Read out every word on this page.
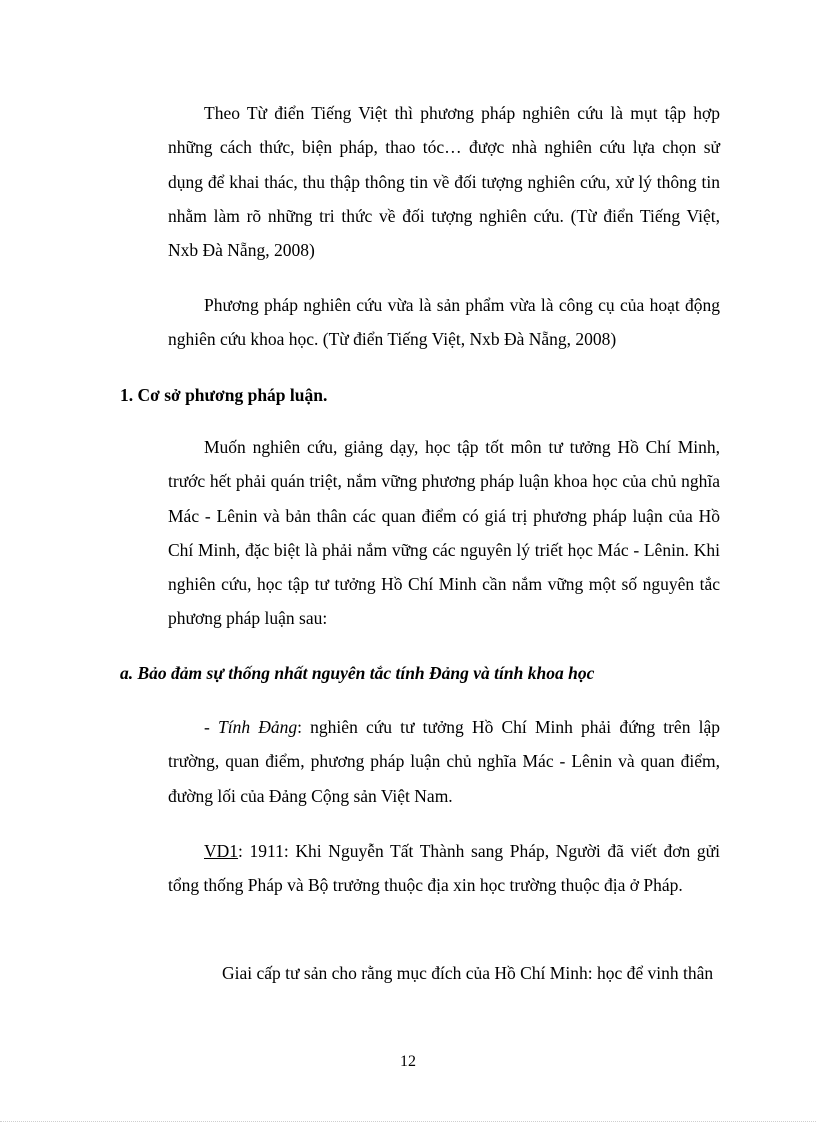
Theo Từ điển Tiếng Việt thì phương pháp nghiên cứu là mụt tập hợp những cách thức, biện pháp, thao tóc… được nhà nghiên cứu lựa chọn sử dụng để khai thác, thu thập thông tin về đối tượng nghiên cứu, xử lý thông tin nhằm làm rõ những tri thức về đối tượng nghiên cứu. (Từ điển Tiếng Việt, Nxb Đà Nẵng, 2008)

Phương pháp nghiên cứu vừa là sản phẩm vừa là công cụ của hoạt động nghiên cứu khoa học. (Từ điển Tiếng Việt, Nxb Đà Nẵng, 2008)

1. Cơ sở phương pháp luận.

Muốn nghiên cứu, giảng dạy, học tập tốt môn tư tưởng Hồ Chí Minh, trước hết phải quán triệt, nắm vững phương pháp luận khoa học của chủ nghĩa Mác - Lênin và bản thân các quan điểm có giá trị phương pháp luận của Hồ Chí Minh, đặc biệt là phải nắm vững các nguyên lý triết học Mác - Lênin. Khi nghiên cứu, học tập tư tưởng Hồ Chí Minh cần nắm vững một số nguyên tắc phương pháp luận sau:

a. Bảo đảm sự thống nhất nguyên tắc tính Đảng và tính khoa học

- Tính Đảng: nghiên cứu tư tưởng Hồ Chí Minh phải đứng trên lập trường, quan điểm, phương pháp luận chủ nghĩa Mác - Lênin và quan điểm, đường lối của Đảng Cộng sản Việt Nam.

VD1: 1911: Khi Nguyễn Tất Thành sang Pháp, Người đã viết đơn gửi tổng thống Pháp và Bộ trưởng thuộc địa xin học trường thuộc địa ở Pháp.

Giai cấp tư sản cho rằng mục đích của Hồ Chí Minh: học để vinh thân

12
